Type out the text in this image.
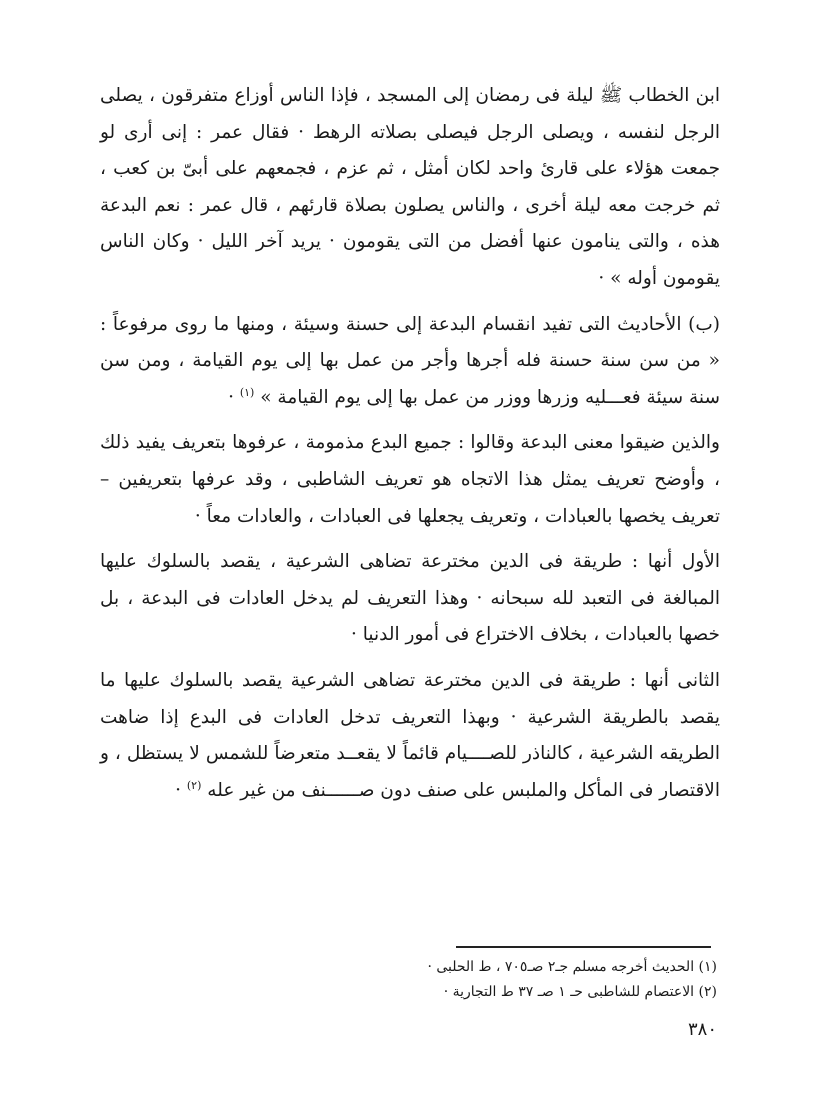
ابن الخطاب ﷺ ليلة فى رمضان إلى المسجد ، فإذا الناس أوزاع متفرقون ، يصلى الرجل لنفسه ، ويصلى الرجل فيصلى بصلاته الرهط · فقال عمر : إنى أرى لو جمعت هؤلاء على قارئ واحد لكان أمثل ، ثم عزم ، فجمعهم على أبىّ بن كعب ، ثم خرجت معه ليلة أخرى ، والناس يصلون بصلاة قارئهم ، قال عمر : نعم البدعة هذه ، والتى ينامون عنها أفضل من التى يقومون · يريد آخر الليل · وكان الناس يقومون أوله » ·

(ب) الأحاديث التى تفيد انقسام البدعة إلى حسنة وسيئة ، ومنها ما روى مرفوعاً : « من سن سنة حسنة فله أجرها وأجر من عمل بها إلى يوم القيامة ، ومن سن سنة سيئة فعـــليه وزرها ووزر من عمل بها إلى يوم القيامة » $^{(١)}$ ·

والذين ضيقوا معنى البدعة وقالوا : جميع البدع مذمومة ، عرفوها بتعريف يفيد ذلك ، وأوضح تعريف يمثل هذا الاتجاه هو تعريف الشاطبى ، وقد عرفها بتعريفين – تعريف يخصها بالعبادات ، وتعريف يجعلها فى العبادات ، والعادات معاً ·

الأول أنها : طريقة فى الدين مخترعة تضاهى الشرعية ، يقصد بالسلوك عليها المبالغة فى التعبد لله سبحانه · وهذا التعريف لم يدخل العادات فى البدعة ، بل خصها بالعبادات ، بخلاف الاختراع فى أمور الدنيا ·

الثانى أنها : طريقة فى الدين مخترعة تضاهى الشرعية يقصد بالسلوك عليها ما يقصد بالطريقة الشرعية · وبهذا التعريف تدخل العادات فى البدع إذا ضاهت الطريقه الشرعية ، كالناذر للصــــيام قائماً لا يقعــد متعرضاً للشمس لا يستظل ، و الاقتصار فى المأكل والملبس على صنف دون صــــــنف من غير عله $^{(٢)}$ ·

(١) الحديث أخرجه مسلم جـ٢ صـ٧٠٥ ، ط الحلبى ·

(٢) الاعتصام للشاطبى حـ ١ صـ ٣٧ ط التجارية ·

٣٨٠
